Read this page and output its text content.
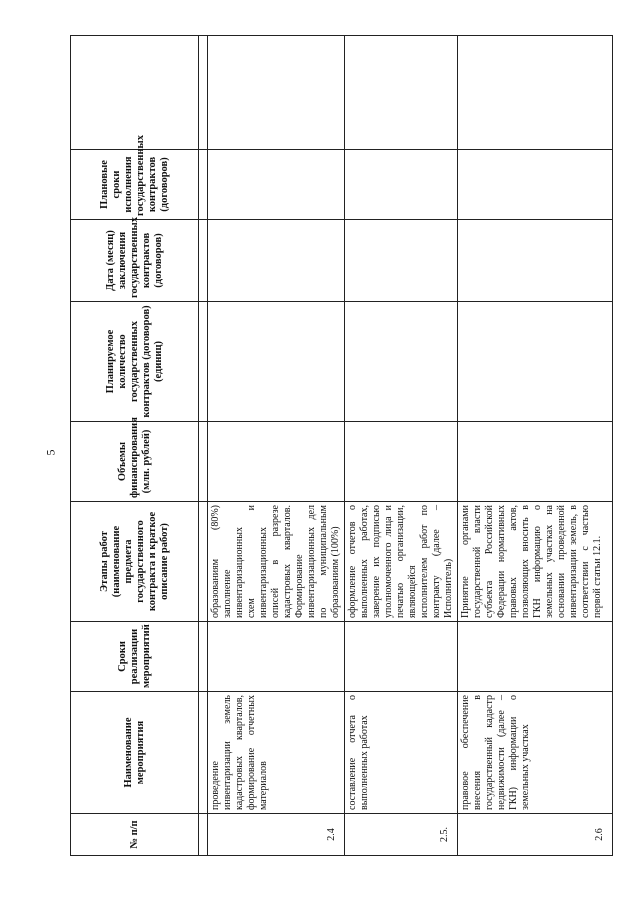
5
№ п/п	Наименование мероприятия	Сроки реализации мероприятий	Этапы работ (наименование предмета государственного контракта и краткое описание работ)	Объемы финансирования (млн. рублей)	Планируемое количество государственных контрактов (договоров) (единиц)	Дата (месяц) заключения государственных контрактов (договоров)	Плановые сроки исполнения государственных контрактов (договоров)	

2.4	проведение инвентаризации земель кадастровых кварталов, формирование отчетных материалов		образованиям (80%) заполнение инвентаризационных схем и инвентаризационных описей в разрезе кадастровых кварталов. Формирование инвентаризационных дел по муниципальным образованиям (100%)					
2.5.	составление отчета о выполненных работах		оформление отчетов о выполненных работах, заверение их подписью уполномоченного лица и печатью организации, являющейся исполнителем работ по контракту (далее – Исполнитель)					
2.6	правовое обеспечение внесения в государственный кадастр недвижимости (далее – ГКН) информации о земельных участках		Принятие органами государственной власти субъекта Российской Федерации нормативных правовых актов, позволяющих вносить в ГКН информацию о земельных участках на основании проведенной инвентаризации земель, в соответствии с частью первой статьи 12.1.					
